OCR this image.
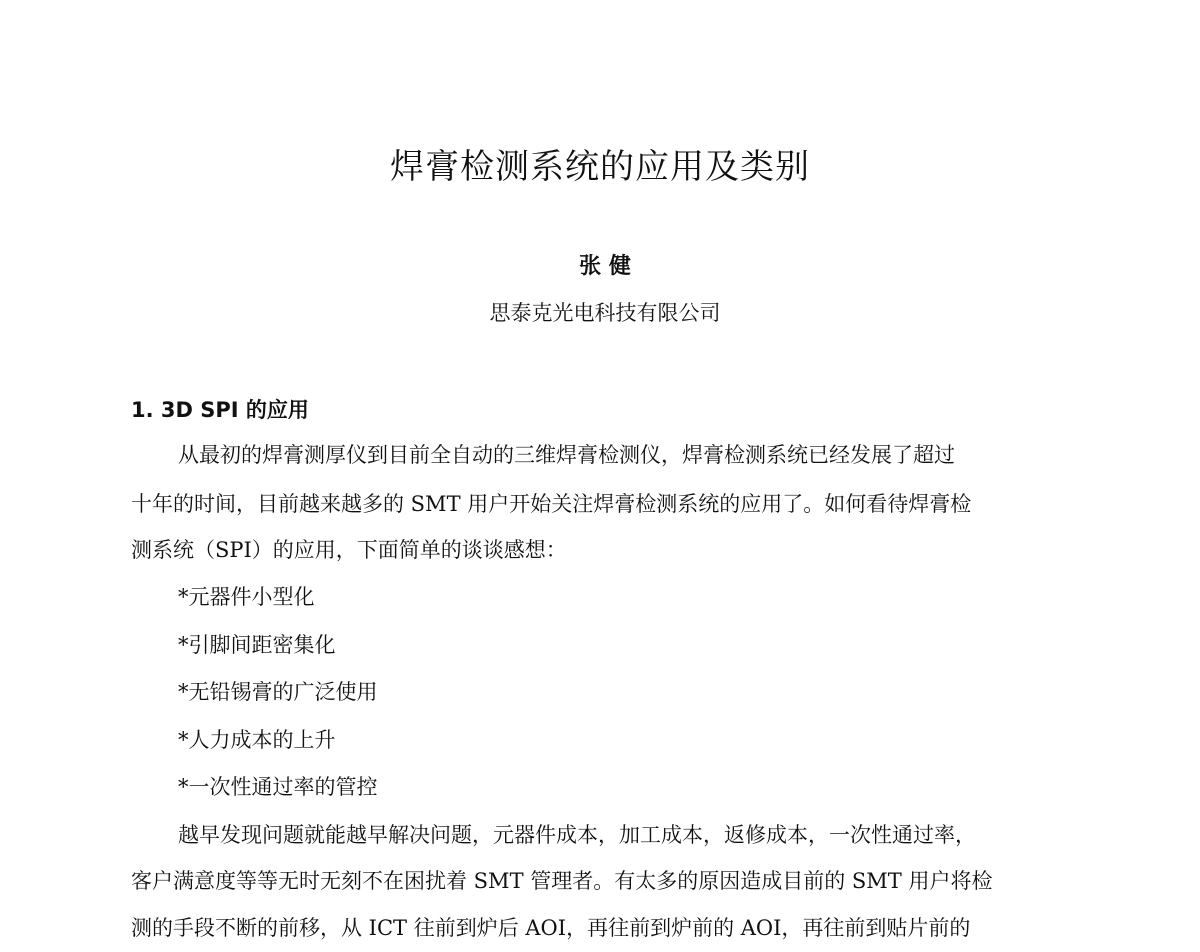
焊膏检测系统的应用及类别
张 健
思泰克光电科技有限公司
1. 3D SPI 的应用
从最初的焊膏测厚仪到目前全自动的三维焊膏检测仪，焊膏检测系统已经发展了超过
十年的时间，目前越来越多的 SMT 用户开始关注焊膏检测系统的应用了。如何看待焊膏检
测系统（SPI）的应用，下面简单的谈谈感想：
*元器件小型化
*引脚间距密集化
*无铅锡膏的广泛使用
*人力成本的上升
*一次性通过率的管控
越早发现问题就能越早解决问题，元器件成本，加工成本，返修成本，一次性通过率，
客户满意度等等无时无刻不在困扰着 SMT 管理者。有太多的原因造成目前的 SMT 用户将检
测的手段不断的前移，从 ICT 往前到炉后 AOI，再往前到炉前的 AOI，再往前到贴片前的
